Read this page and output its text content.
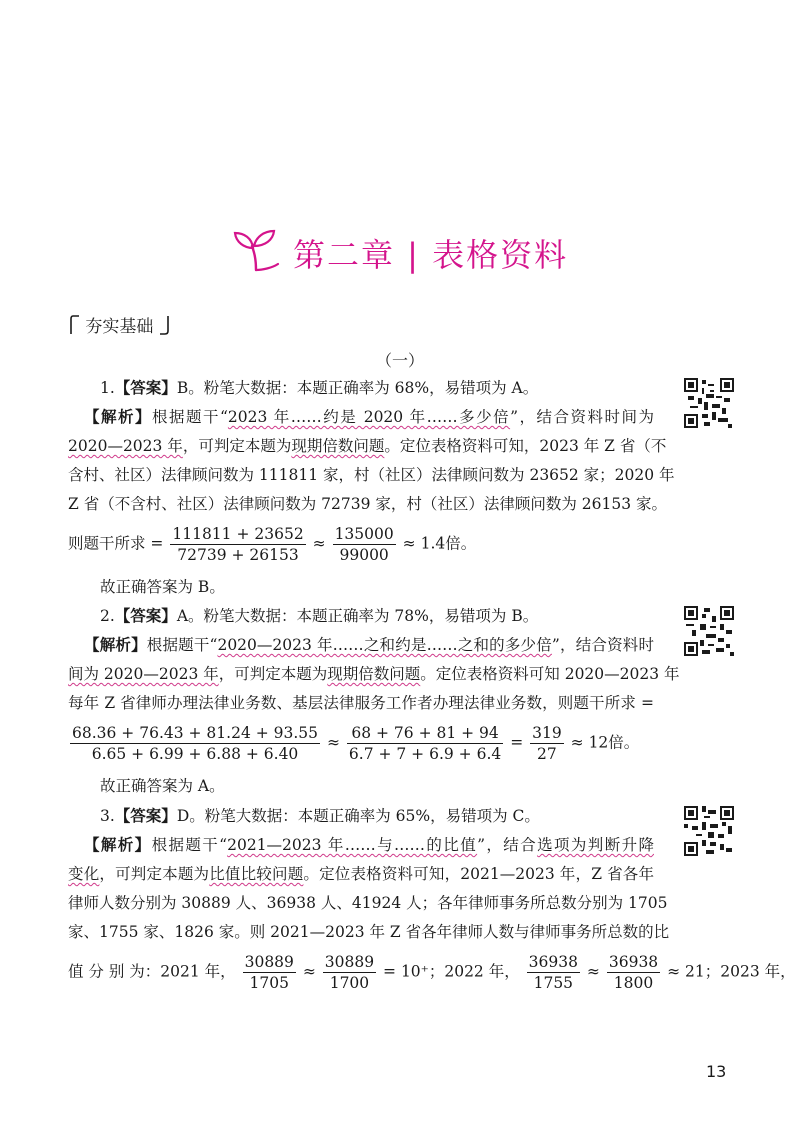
第二章 | 表格资料
夯实基础
（一）
1.【答案】B。粉笔大数据：本题正确率为 68%，易错项为 A。
【解析】根据题干“2023 年……约是 2020 年……多少倍”，结合资料时间为
2020—2023 年，可判定本题为现期倍数问题。定位表格资料可知，2023 年 Z 省（不
含村、社区）法律顾问数为 111811 家，村（社区）法律顾问数为 23652 家；2020 年
Z 省（不含村、社区）法律顾问数为 72739 家，村（社区）法律顾问数为 26153 家。
则题干所求 = $\frac{111811 + 23652}{72739 + 26153} \approx \frac{135000}{99000} \approx 1.4$倍。
故正确答案为 B。
2.【答案】A。粉笔大数据：本题正确率为 78%，易错项为 B。
【解析】根据题干“2020—2023 年……之和约是……之和的多少倍”，结合资料时
间为 2020—2023 年，可判定本题为现期倍数问题。定位表格资料可知 2020—2023 年
每年 Z 省律师办理法律业务数、基层法律服务工作者办理法律业务数，则题干所求 =
$\frac{68.36 + 76.43 + 81.24 + 93.55}{6.65 + 6.99 + 6.88 + 6.40} \approx \frac{68 + 76 + 81 + 94}{6.7 + 7 + 6.9 + 6.4} = \frac{319}{27} \approx 12$倍。
故正确答案为 A。
3.【答案】D。粉笔大数据：本题正确率为 65%，易错项为 C。
【解析】根据题干“2021—2023 年……与……的比值”，结合选项为判断升降
变化，可判定本题为比值比较问题。定位表格资料可知，2021—2023 年，Z 省各年
律师人数分别为 30889 人、36938 人、41924 人；各年律师事务所总数分别为 1705
家、1755 家、1826 家。则 2021—2023 年 Z 省各年律师人数与律师事务所总数的比
值 分 别 为：2021 年， $\frac{30889}{1705} \approx \frac{30889}{1700} = 10^+$；2022 年， $\frac{36938}{1755} \approx \frac{36938}{1800} \approx 21$；2023 年，
13
